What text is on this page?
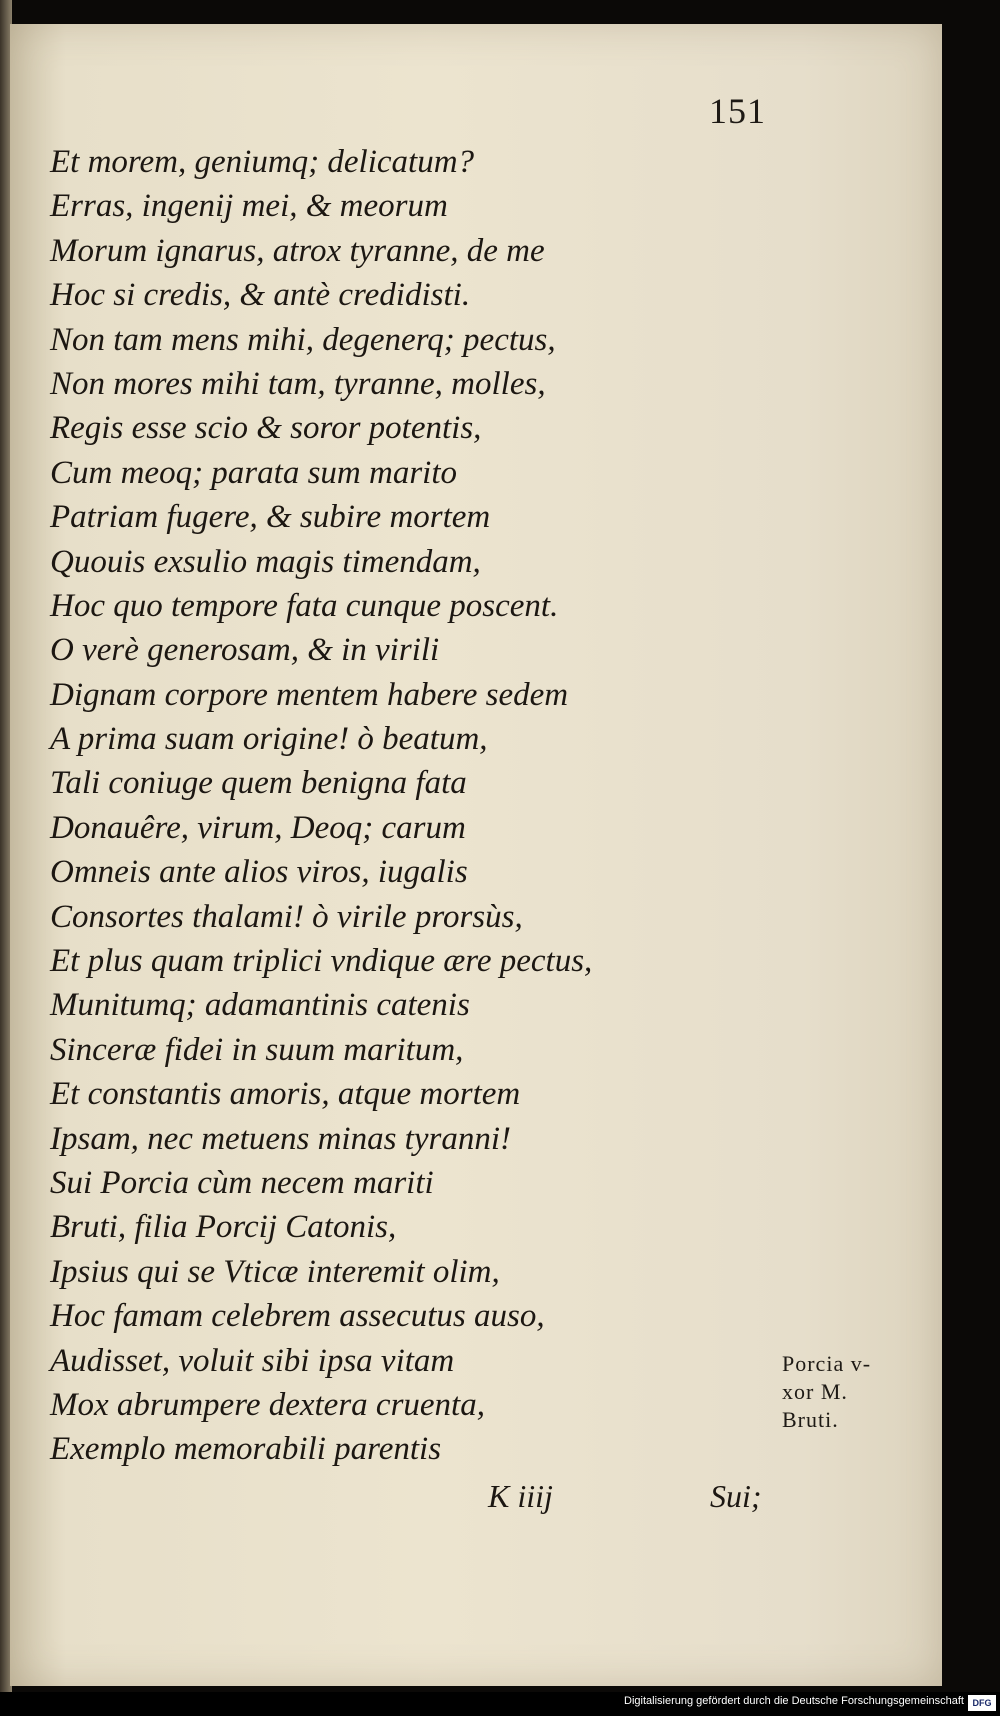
151
Et morem, geniumq; delicatum?
Erras, ingenij mei, & meorum
Morum ignarus, atrox tyranne, de me
Hoc si credis, & antè credidisti.
Non tam mens mihi, degenerq; pectus,
Non mores mihi tam, tyranne, molles,
Regis esse scio & soror potentis,
Cum meoq; parata sum marito
Patriam fugere, & subire mortem
Quouis exsulio magis timendam,
Hoc quo tempore fata cunque poscent.
O verè generosam, & in virili
Dignam corpore mentem habere sedem
A prima suam origine! ò beatum,
Tali coniuge quem benigna fata
Donauêre, virum, Deoq; carum
Omneis ante alios viros, iugalis
Consortes thalami! ò virile prorsùs,
Et plus quam triplici vndique ære pectus,
Munitumq; adamantinis catenis
Sinceræ fidei in suum maritum,
Et constantis amoris, atque mortem
Ipsam, nec metuens minas tyranni!
Sui Porcia cùm necem mariti
Bruti, filia Porcij Catonis,
Ipsius qui se Vticæ interemit olim,
Hoc famam celebrem assecutus auso,
Audisset, voluit sibi ipsa vitam
Mox abrumpere dextera cruenta,
Exemplo memorabili parentis
Porcia v-
xor M.
Bruti.
K iiij	Sui;
Digitalisierung gefördert durch die Deutsche Forschungsgemeinschaft DFG
